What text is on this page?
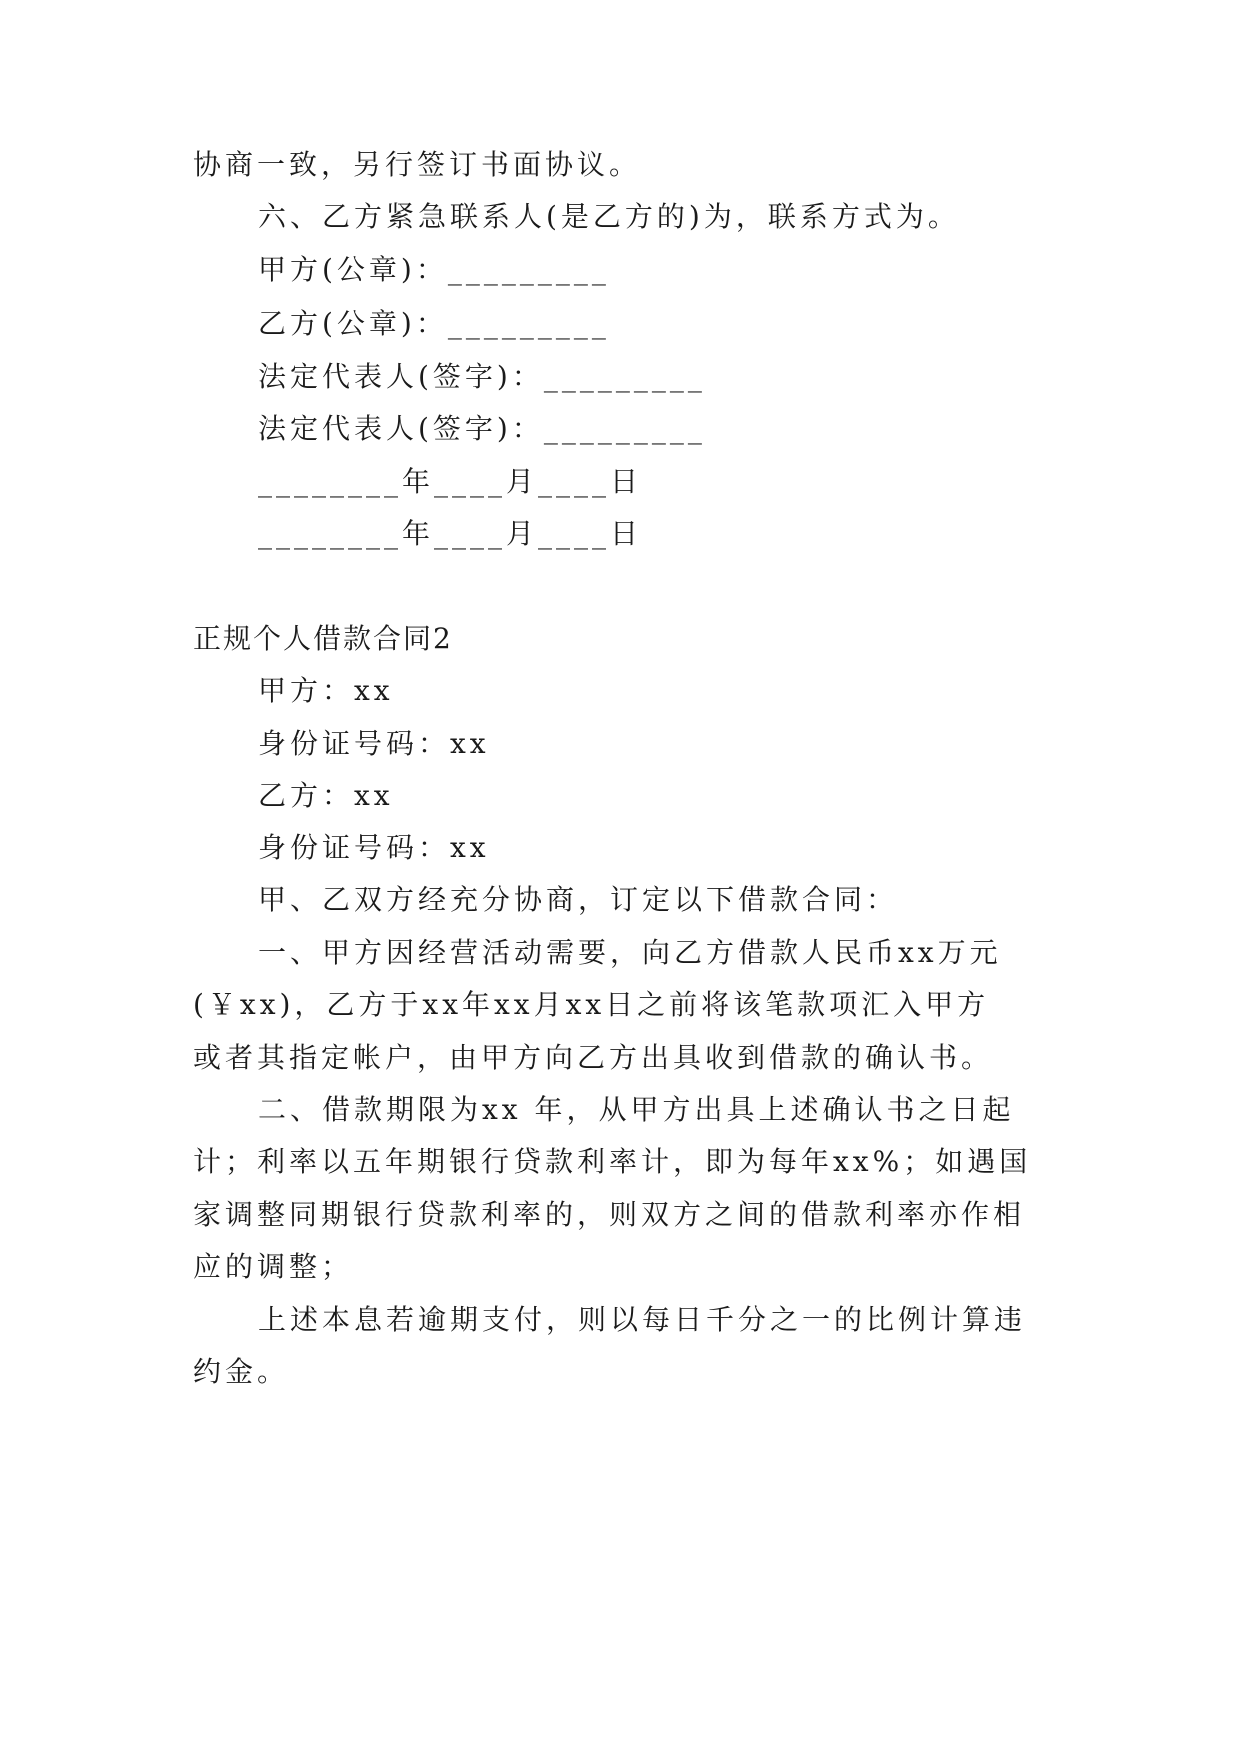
协商一致，另行签订书面协议。
六、乙方紧急联系人(是乙方的)为，联系方式为。
甲方(公章)：_________
乙方(公章)：_________
法定代表人(签字)：_________
法定代表人(签字)：_________
________年____月____日
________年____月____日
正规个人借款合同2
甲方：xx
身份证号码：xx
乙方：xx
身份证号码：xx
甲、乙双方经充分协商，订定以下借款合同：
一、甲方因经营活动需要，向乙方借款人民币xx万元
(￥xx)，乙方于xx年xx月xx日之前将该笔款项汇入甲方
或者其指定帐户，由甲方向乙方出具收到借款的确认书。
二、借款期限为xx 年，从甲方出具上述确认书之日起
计；利率以五年期银行贷款利率计，即为每年xx%；如遇国
家调整同期银行贷款利率的，则双方之间的借款利率亦作相
应的调整；
上述本息若逾期支付，则以每日千分之一的比例计算违
约金。
